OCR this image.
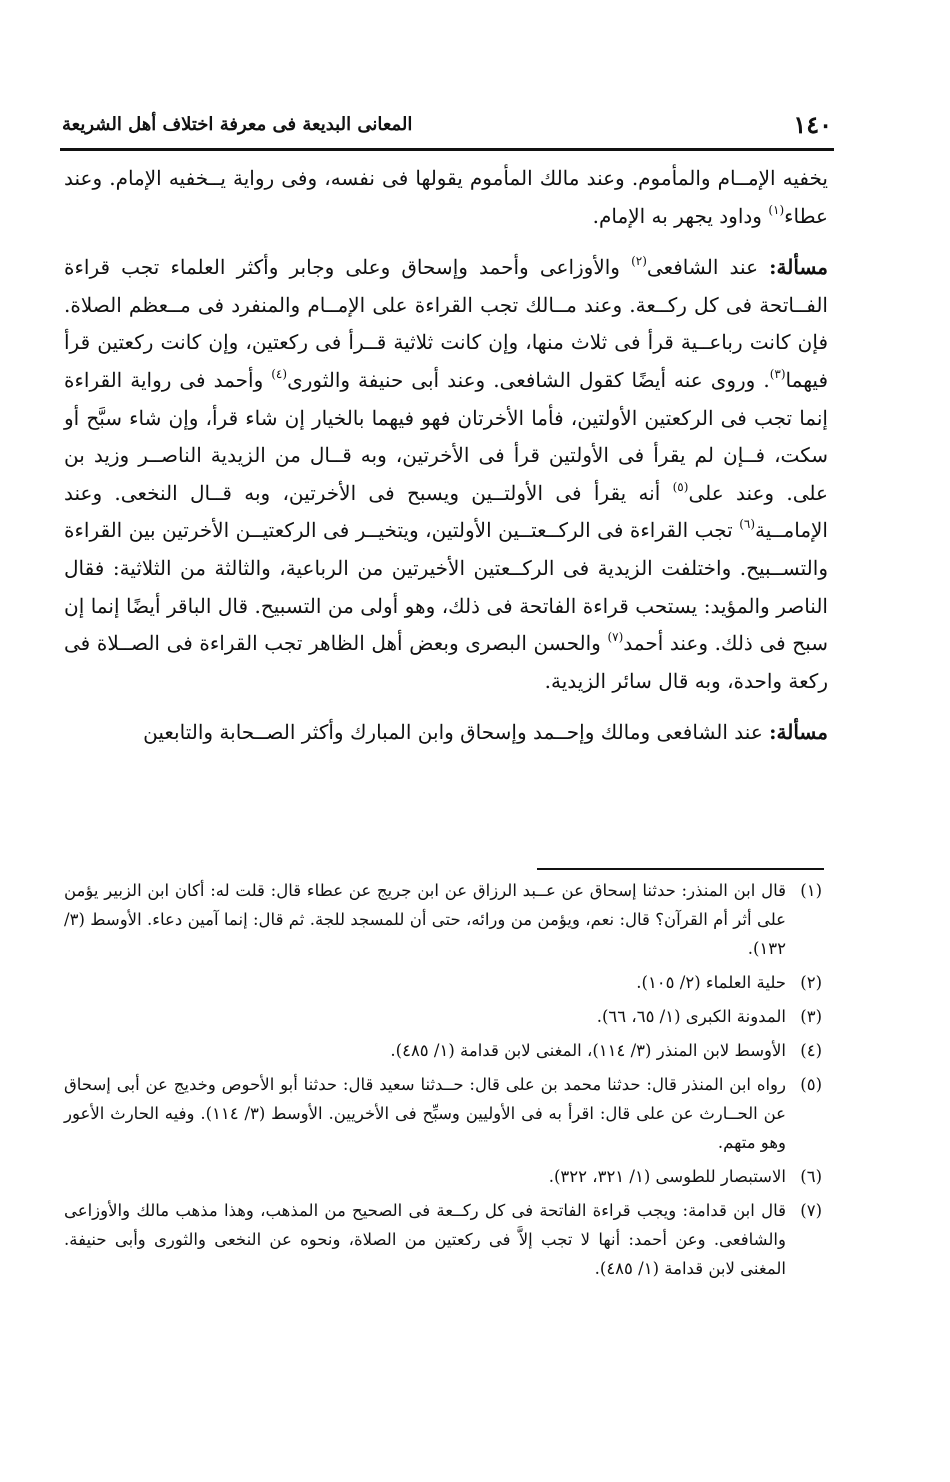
١٤٠
المعانى البديعة فى معرفة اختلاف أهل الشريعة

يخفيه الإمــام والمأموم. وعند مالك المأموم يقولها فى نفسه، وفى رواية يــخفيه الإمام. وعند عطاء$^{(١)}$ وداود يجهر به الإمام.

مسألة: عند الشافعى$^{(٢)}$ والأوزاعى وأحمد وإسحاق وعلى وجابر وأكثر العلماء تجب قراءة الفــاتحة فى كل ركــعة. وعند مــالك تجب القراءة على الإمــام والمنفرد فى مــعظم الصلاة. فإن كانت رباعــية قرأ فى ثلاث منها، وإن كانت ثلاثية قــرأ فى ركعتين، وإن كانت ركعتين قرأ فيهما$^{(٣)}$. وروى عنه أيضًا كقول الشافعى. وعند أبى حنيفة والثورى$^{(٤)}$ وأحمد فى رواية القراءة إنما تجب فى الركعتين الأولتين، فأما الأخرتان فهو فيهما بالخيار إن شاء قرأ، وإن شاء سبَّح أو سكت، فــإن لم يقرأ فى الأولتين قرأ فى الأخرتين، وبه قــال من الزيدية الناصــر وزيد بن على. وعند على$^{(٥)}$ أنه يقرأ فى الأولتــين ويسبح فى الأخرتين، وبه قــال النخعى. وعند الإمامــية$^{(٦)}$ تجب القراءة فى الركــعتــين الأولتين، ويتخيــر فى الركعتيــن الأخرتين بين القراءة والتســبيح. واختلفت الزيدية فى الركــعتين الأخيرتين من الرباعية، والثالثة من الثلاثية: فقال الناصر والمؤيد: يستحب قراءة الفاتحة فى ذلك، وهو أولى من التسبيح. قال الباقر أيضًا إنما إن سبح فى ذلك. وعند أحمد$^{(٧)}$ والحسن البصرى وبعض أهل الظاهر تجب القراءة فى الصــلاة فى ركعة واحدة، وبه قال سائر الزيدية.

مسألة: عند الشافعى ومالك وإحــمد وإسحاق وابن المبارك وأكثر الصــحابة والتابعين

(١)
قال ابن المنذر: حدثنا إسحاق عن عــبد الرزاق عن ابن جريج عن عطاء قال: قلت له: أكان ابن الزبير يؤمن على أثر أم القرآن؟ قال: نعم، ويؤمن من ورائه، حتى أن للمسجد للجة. ثم قال: إنما آمين دعاء. الأوسط (٣/ ١٣٢).

(٢)
حلية العلماء (٢/ ١٠٥).

(٣)
المدونة الكبرى (١/ ٦٥، ٦٦).

(٤)
الأوسط لابن المنذر (٣/ ١١٤)، المغنى لابن قدامة (١/ ٤٨٥).

(٥)
رواه ابن المنذر قال: حدثنا محمد بن على قال: حــدثنا سعيد قال: حدثنا أبو الأحوص وخديج عن أبى إسحاق عن الحــارث عن على قال: اقرأ به فى الأوليين وسبِّح فى الأخريين. الأوسط (٣/ ١١٤). وفيه الحارث الأعور وهو متهم.

(٦)
الاستبصار للطوسى (١/ ٣٢١، ٣٢٢).

(٧)
قال ابن قدامة: ويجب قراءة الفاتحة فى كل ركــعة فى الصحيح من المذهب، وهذا مذهب مالك والأوزاعى والشافعى. وعن أحمد: أنها لا تجب إلاَّ فى ركعتين من الصلاة، ونحوه عن النخعى والثورى وأبى حنيفة. المغنى لابن قدامة (١/ ٤٨٥).
